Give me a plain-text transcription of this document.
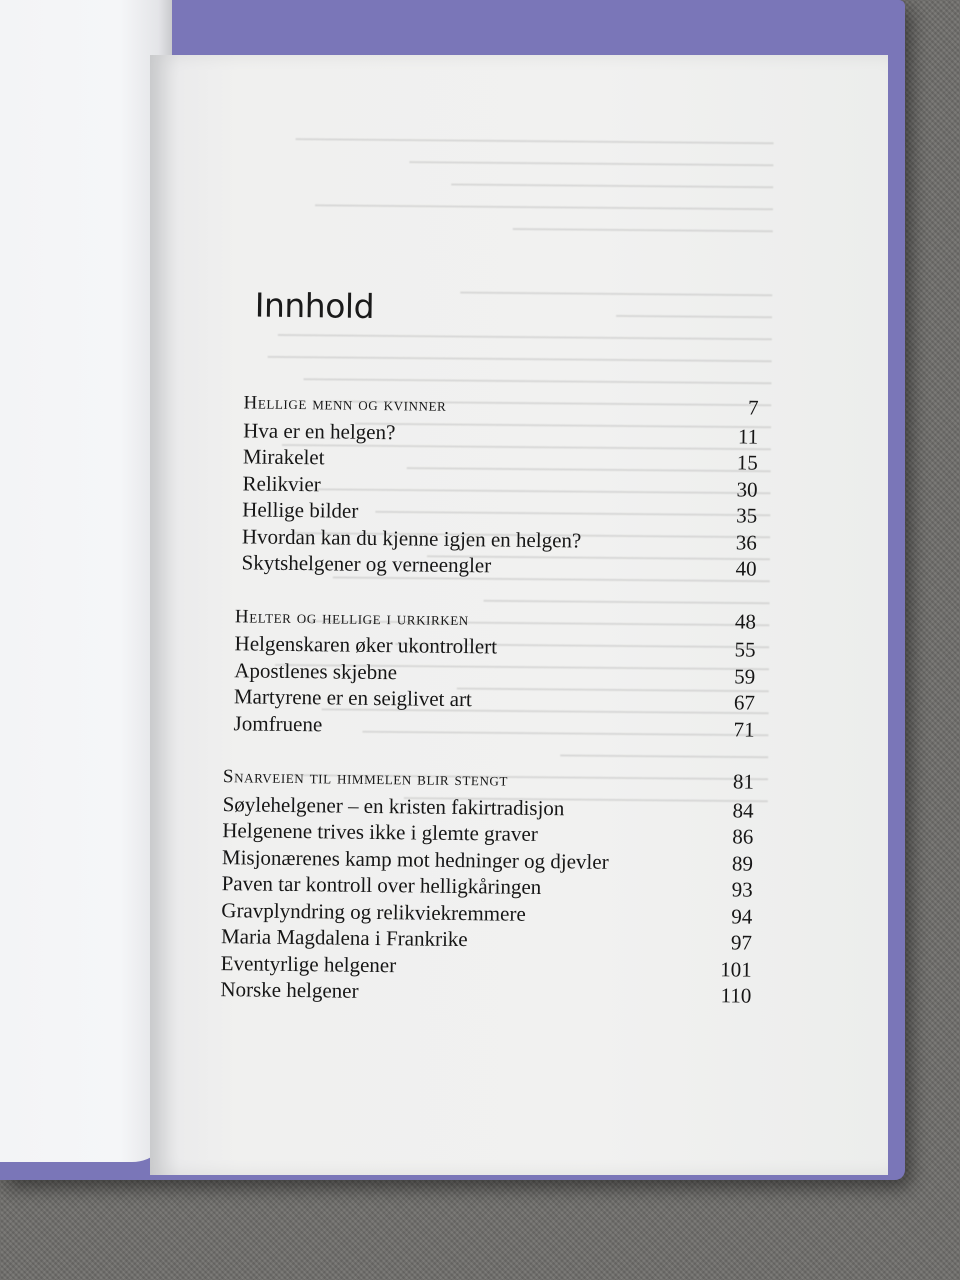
Innhold
Hellige menn og kvinner	7
Hva er en helgen?	11
Mirakelet	15
Relikvier	30
Hellige bilder	35
Hvordan kan du kjenne igjen en helgen?	36
Skytshelgener og verneengler	40
Helter og hellige i urkirken	48
Helgenskaren øker ukontrollert	55
Apostlenes skjebne	59
Martyrene er en seiglivet art	67
Jomfruene	71
Snarveien til himmelen blir stengt	81
Søylehelgener – en kristen fakirtradisjon	84
Helgenene trives ikke i glemte graver	86
Misjonærenes kamp mot hedninger og djevler	89
Paven tar kontroll over helligkåringen	93
Gravplyndring og relikviekremmere	94
Maria Magdalena i Frankrike	97
Eventyrlige helgener	101
Norske helgener	110
